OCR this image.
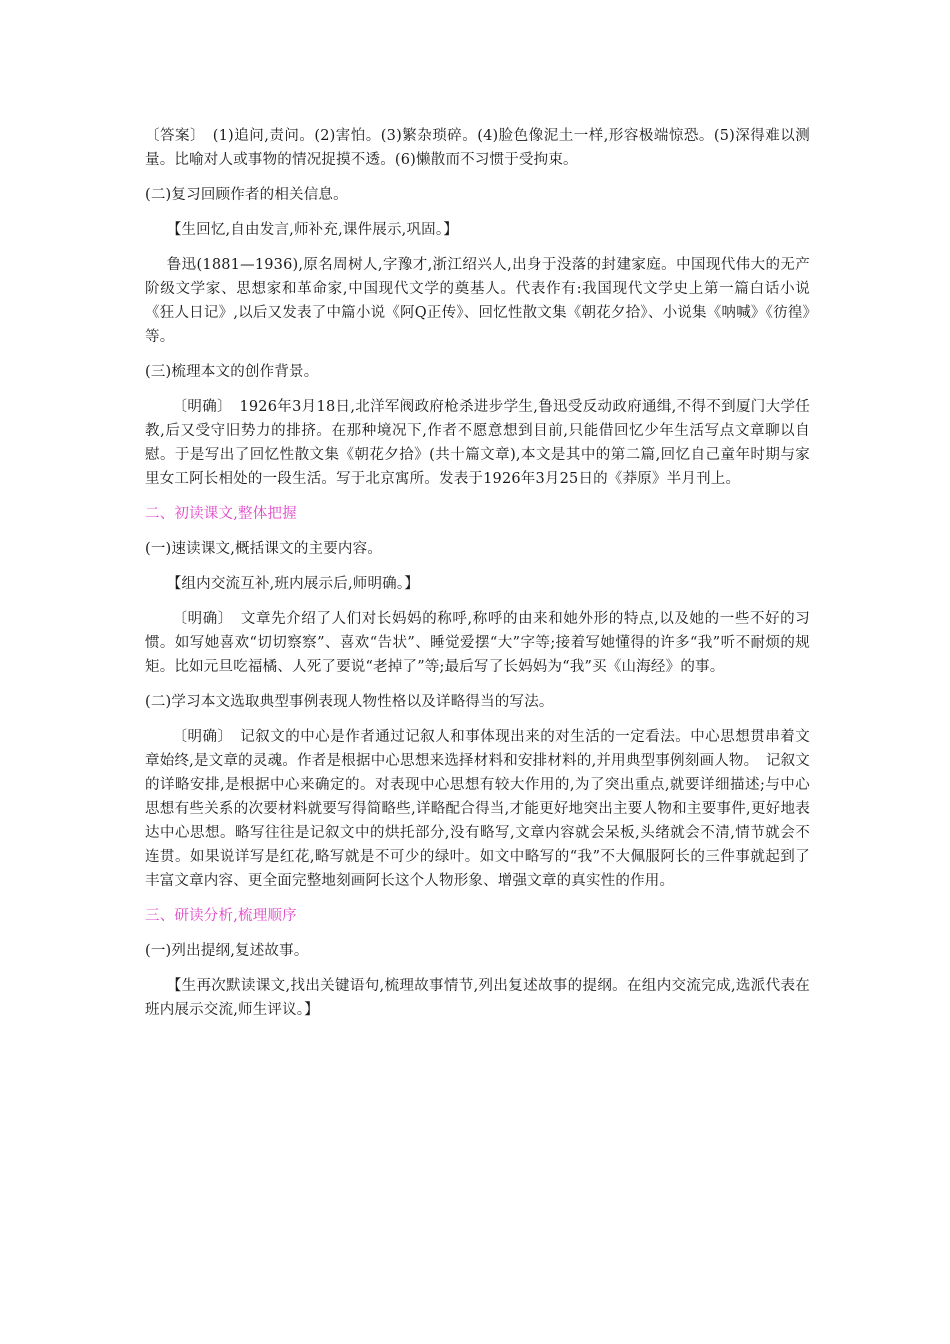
〔答案〕　(1)追问,责问。(2)害怕。(3)繁杂琐碎。(4)脸色像泥土一样,形容极端惊恐。(5)深得难以测量。比喻对人或事物的情况捉摸不透。(6)懒散而不习惯于受拘束。

(二)复习回顾作者的相关信息。

【生回忆,自由发言,师补充,课件展示,巩固。】

鲁迅(1881—1936),原名周树人,字豫才,浙江绍兴人,出身于没落的封建家庭。中国现代伟大的无产阶级文学家、思想家和革命家,中国现代文学的奠基人。代表作有:我国现代文学史上第一篇白话小说《狂人日记》,以后又发表了中篇小说《阿Q正传》、回忆性散文集《朝花夕拾》、小说集《呐喊》《彷徨》等。

(三)梳理本文的创作背景。

〔明确〕　1926年3月18日,北洋军阀政府枪杀进步学生,鲁迅受反动政府通缉,不得不到厦门大学任教,后又受守旧势力的排挤。在那种境况下,作者不愿意想到目前,只能借回忆少年生活写点文章聊以自慰。于是写出了回忆性散文集《朝花夕拾》(共十篇文章),本文是其中的第二篇,回忆自己童年时期与家里女工阿长相处的一段生活。写于北京寓所。发表于1926年3月25日的《莽原》半月刊上。

二、初读课文,整体把握

(一)速读课文,概括课文的主要内容。

【组内交流互补,班内展示后,师明确。】

〔明确〕　文章先介绍了人们对长妈妈的称呼,称呼的由来和她外形的特点,以及她的一些不好的习惯。如写她喜欢“切切察察”、喜欢“告状”、睡觉爱摆“大”字等;接着写她懂得的许多“我”听不耐烦的规矩。比如元旦吃福橘、人死了要说“老掉了”等;最后写了长妈妈为“我”买《山海经》的事。

(二)学习本文选取典型事例表现人物性格以及详略得当的写法。

〔明确〕　记叙文的中心是作者通过记叙人和事体现出来的对生活的一定看法。中心思想贯串着文章始终,是文章的灵魂。作者是根据中心思想来选择材料和安排材料的,并用典型事例刻画人物。　记叙文的详略安排,是根据中心来确定的。对表现中心思想有较大作用的,为了突出重点,就要详细描述;与中心思想有些关系的次要材料就要写得简略些,详略配合得当,才能更好地突出主要人物和主要事件,更好地表达中心思想。略写往往是记叙文中的烘托部分,没有略写,文章内容就会呆板,头绪就会不清,情节就会不连贯。如果说详写是红花,略写就是不可少的绿叶。如文中略写的“我”不大佩服阿长的三件事就起到了丰富文章内容、更全面完整地刻画阿长这个人物形象、增强文章的真实性的作用。

三、研读分析,梳理顺序

(一)列出提纲,复述故事。

【生再次默读课文,找出关键语句,梳理故事情节,列出复述故事的提纲。在组内交流完成,选派代表在班内展示交流,师生评议。】
